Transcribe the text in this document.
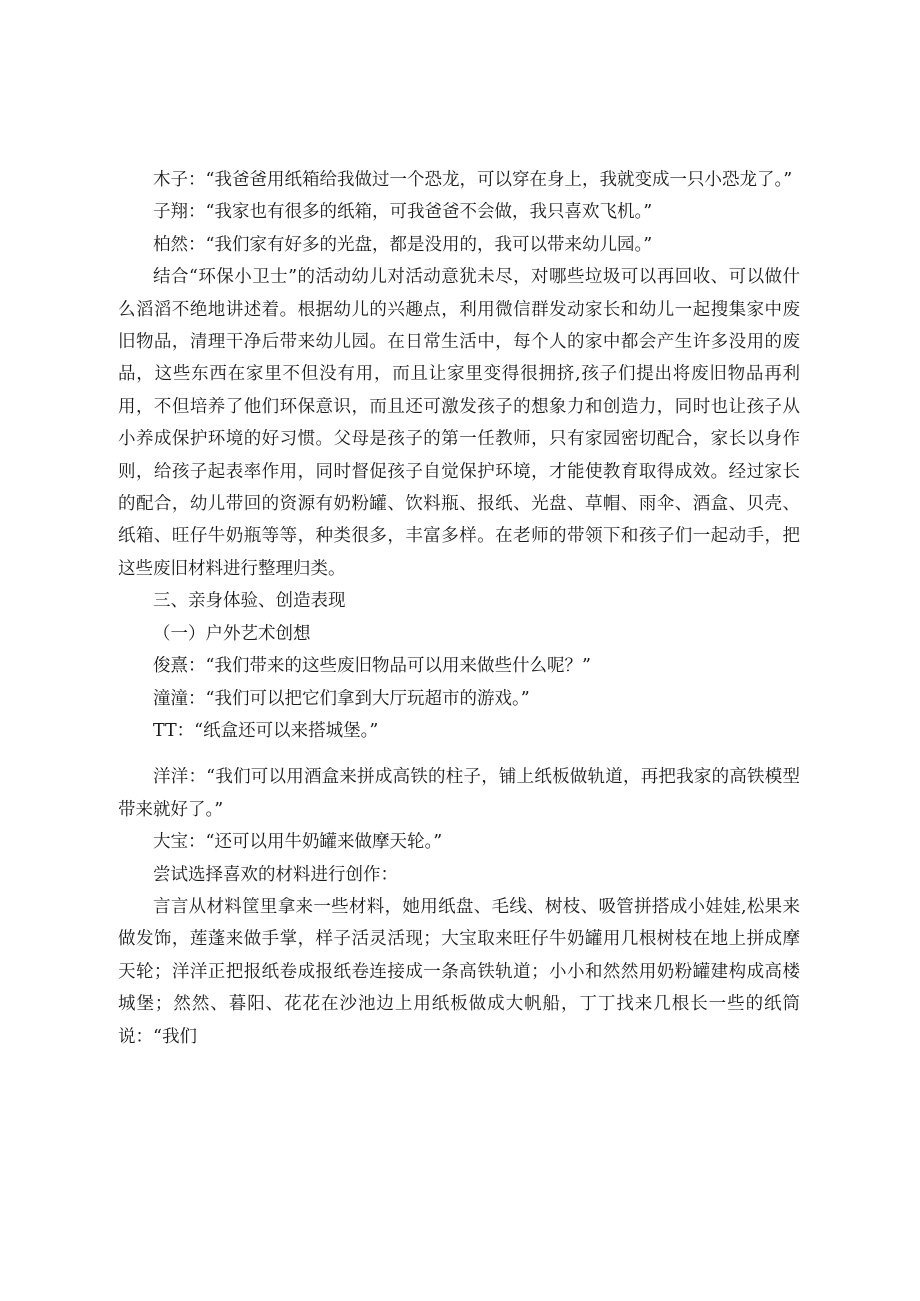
木子：“我爸爸用纸箱给我做过一个恐龙，可以穿在身上，我就变成一只小恐龙了。”

子翔：“我家也有很多的纸箱，可我爸爸不会做，我只喜欢飞机。”

柏然：“我们家有好多的光盘，都是没用的，我可以带来幼儿园。”

结合“环保小卫士”的活动幼儿对活动意犹未尽，对哪些垃圾可以再回收、可以做什么滔滔不绝地讲述着。根据幼儿的兴趣点，利用微信群发动家长和幼儿一起搜集家中废旧物品，清理干净后带来幼儿园。在日常生活中，每个人的家中都会产生许多没用的废品，这些东西在家里不但没有用，而且让家里变得很拥挤,孩子们提出将废旧物品再利用，不但培养了他们环保意识，而且还可激发孩子的想象力和创造力，同时也让孩子从小养成保护环境的好习惯。父母是孩子的第一任教师，只有家园密切配合，家长以身作则，给孩子起表率作用，同时督促孩子自觉保护环境，才能使教育取得成效。经过家长的配合，幼儿带回的资源有奶粉罐、饮料瓶、报纸、光盘、草帽、雨伞、酒盒、贝壳、纸箱、旺仔牛奶瓶等等，种类很多，丰富多样。在老师的带领下和孩子们一起动手，把这些废旧材料进行整理归类。

三、亲身体验、创造表现

（一）户外艺术创想

俊熹：“我们带来的这些废旧物品可以用来做些什么呢？”

潼潼：“我们可以把它们拿到大厅玩超市的游戏。”

TT：“纸盒还可以来搭城堡。”

洋洋：“我们可以用酒盒来拼成高铁的柱子，铺上纸板做轨道，再把我家的高铁模型带来就好了。”

大宝：“还可以用牛奶罐来做摩天轮。”

尝试选择喜欢的材料进行创作：

言言从材料筐里拿来一些材料，她用纸盘、毛线、树枝、吸管拼搭成小娃娃,松果来做发饰，莲蓬来做手掌，样子活灵活现；大宝取来旺仔牛奶罐用几根树枝在地上拼成摩天轮；洋洋正把报纸卷成报纸卷连接成一条高铁轨道；小小和然然用奶粉罐建构成高楼城堡；然然、暮阳、花花在沙池边上用纸板做成大帆船，丁丁找来几根长一些的纸筒说：“我们
